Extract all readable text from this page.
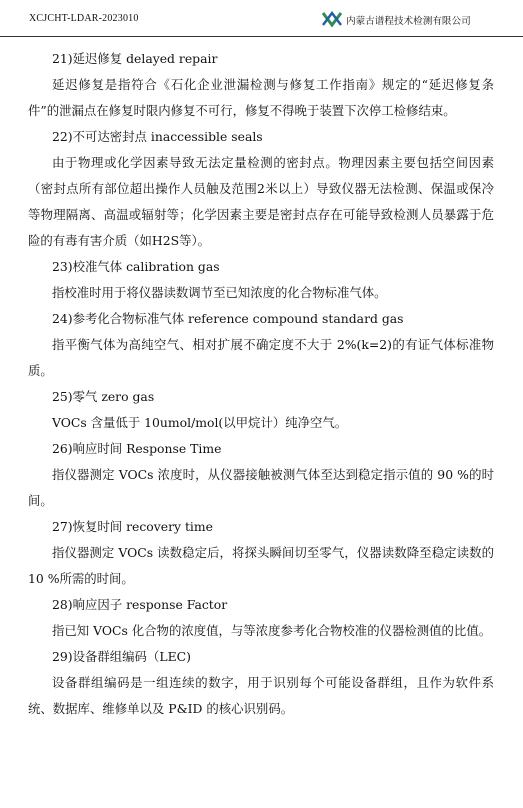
XCJCHT-LDAR-2023010	内蒙古谱程技术检测有限公司

21)延迟修复 delayed repair

延迟修复是指符合《石化企业泄漏检测与修复工作指南》规定的“延迟修复条件”的泄漏点在修复时限内修复不可行，修复不得晚于装置下次停工检修结束。

22)不可达密封点 inaccessible seals

由于物理或化学因素导致无法定量检测的密封点。物理因素主要包括空间因素（密封点所有部位超出操作人员触及范围2米以上）导致仪器无法检测、保温或保冷等物理隔离、高温或辐射等；化学因素主要是密封点存在可能导致检测人员暴露于危险的有毒有害介质（如H2S等）。

23)校准气体 calibration gas

指校准时用于将仪器读数调节至已知浓度的化合物标准气体。

24)参考化合物标准气体 reference compound standard gas

指平衡气体为高纯空气、相对扩展不确定度不大于 2%(k=2)的有证气体标准物质。

25)零气 zero gas

VOCs 含量低于 10umol/mol(以甲烷计）纯净空气。

26)响应时间 Response Time

指仪器测定 VOCs 浓度时，从仪器接触被测气体至达到稳定指示值的 90 %的时间。

27)恢复时间 recovery time

指仪器测定 VOCs 读数稳定后，将探头瞬间切至零气，仪器读数降至稳定读数的 10 %所需的时间。

28)响应因子 response Factor

指已知 VOCs 化合物的浓度值，与等浓度参考化合物校准的仪器检测值的比值。

29)设备群组编码（LEC)

设备群组编码是一组连续的数字，用于识别每个可能设备群组，且作为软件系统、数据库、维修单以及 P&ID 的核心识别码。
